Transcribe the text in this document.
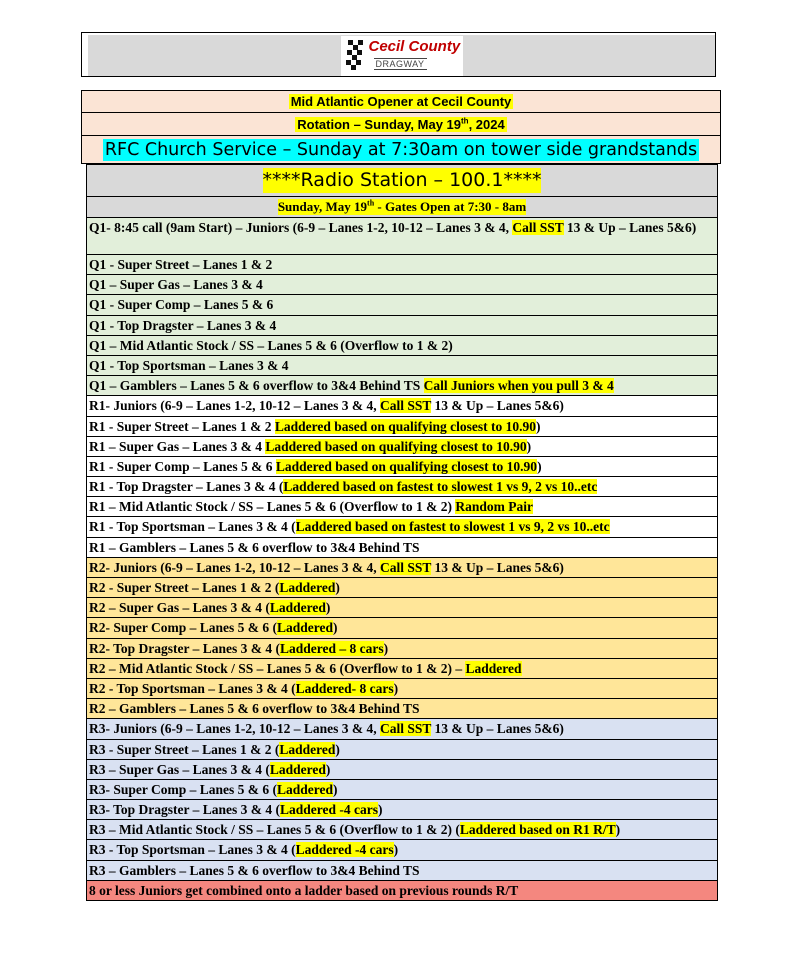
Cecil County
DRAGWAY
Mid Atlantic Opener at Cecil County
Rotation – Sunday, May 19th, 2024
RFC Church Service – Sunday at 7:30am on tower side grandstands
****Radio Station – 100.1****
Sunday, May 19th - Gates Open at 7:30 - 8am
Q1- 8:45 call (9am Start) – Juniors (6-9 – Lanes 1-2, 10-12 – Lanes 3 & 4, Call SST 13 & Up – Lanes 5&6)
Q1 - Super Street – Lanes 1 & 2
Q1 – Super Gas – Lanes 3 & 4
Q1 - Super Comp – Lanes 5 & 6
Q1 - Top Dragster – Lanes 3 & 4
Q1 – Mid Atlantic Stock / SS – Lanes 5 & 6 (Overflow to 1 & 2)
Q1 - Top Sportsman – Lanes 3 & 4
Q1 – Gamblers – Lanes 5 & 6 overflow to 3&4 Behind TS Call Juniors when you pull 3 & 4
R1- Juniors (6-9 – Lanes 1-2, 10-12 – Lanes 3 & 4, Call SST 13 & Up – Lanes 5&6)
R1 - Super Street – Lanes 1 & 2 Laddered based on qualifying closest to 10.90)
R1 – Super Gas – Lanes 3 & 4 Laddered based on qualifying closest to 10.90)
R1 - Super Comp – Lanes 5 & 6 Laddered based on qualifying closest to 10.90)
R1 - Top Dragster – Lanes 3 & 4 (Laddered based on fastest to slowest 1 vs 9, 2 vs 10..etc
R1 – Mid Atlantic Stock / SS – Lanes 5 & 6 (Overflow to 1 & 2) Random Pair
R1 - Top Sportsman – Lanes 3 & 4 (Laddered based on fastest to slowest 1 vs 9, 2 vs 10..etc
R1 – Gamblers – Lanes 5 & 6 overflow to 3&4 Behind TS
R2- Juniors (6-9 – Lanes 1-2, 10-12 – Lanes 3 & 4, Call SST 13 & Up – Lanes 5&6)
R2 - Super Street – Lanes 1 & 2 (Laddered)
R2 – Super Gas – Lanes 3 & 4 (Laddered)
R2- Super Comp – Lanes 5 & 6 (Laddered)
R2- Top Dragster – Lanes 3 & 4 (Laddered – 8 cars)
R2 – Mid Atlantic Stock / SS – Lanes 5 & 6 (Overflow to 1 & 2) – Laddered
R2 - Top Sportsman – Lanes 3 & 4 (Laddered- 8 cars)
R2 – Gamblers – Lanes 5 & 6 overflow to 3&4 Behind TS
R3- Juniors (6-9 – Lanes 1-2, 10-12 – Lanes 3 & 4, Call SST 13 & Up – Lanes 5&6)
R3 - Super Street – Lanes 1 & 2 (Laddered)
R3 – Super Gas – Lanes 3 & 4 (Laddered)
R3- Super Comp – Lanes 5 & 6 (Laddered)
R3- Top Dragster – Lanes 3 & 4 (Laddered -4 cars)
R3 – Mid Atlantic Stock / SS – Lanes 5 & 6 (Overflow to 1 & 2) (Laddered based on R1 R/T)
R3 - Top Sportsman – Lanes 3 & 4 (Laddered -4 cars)
R3 – Gamblers – Lanes 5 & 6 overflow to 3&4 Behind TS
8 or less Juniors get combined onto a ladder based on previous rounds R/T
